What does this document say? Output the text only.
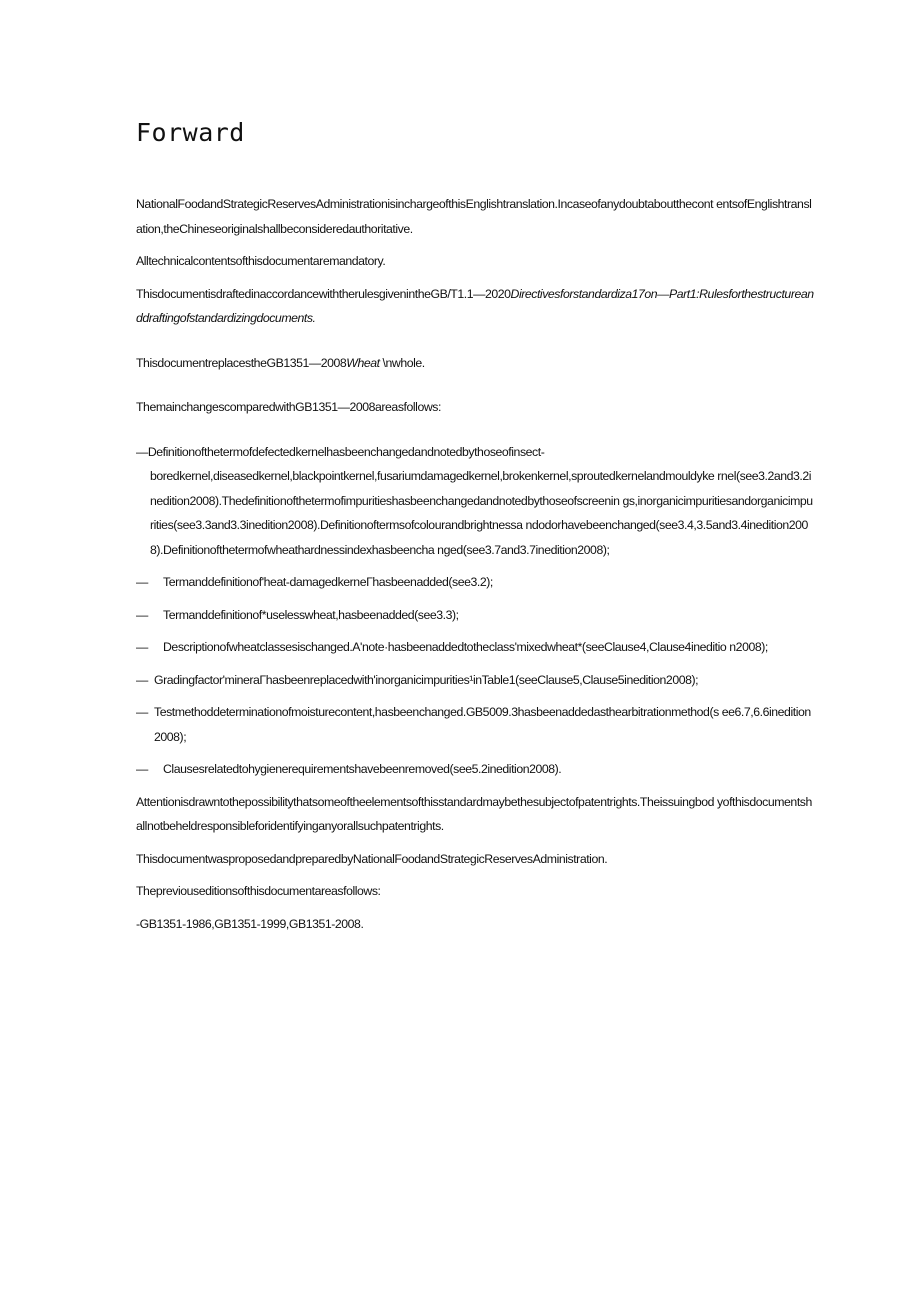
Forward

NationalFoodandStrategicReservesAdministrationisinchargeofthisEnglishtranslation.Incaseofanydoubtaboutthecont entsofEnglishtranslation,theChineseoriginalshallbeconsideredauthoritative.

Alltechnicalcontentsofthisdocumentaremandatory.

ThisdocumentisdraftedinaccordancewiththerulesgivenintheGB/T1.1—2020Directivesforstandardiza17on—Part1:Rulesforthestructureanddraftingofstandardizingdocuments.

ThisdocumentreplacestheGB1351—2008Wheat \nwhole.

ThemainchangescomparedwithGB1351—2008areasfollows:

—Definitionofthetermofdefectedkernelhasbeenchangedandnotedbythoseofinsect-
boredkernel,diseasedkernel,blackpointkernel,fusariumdamagedkernel,brokenkernel,sproutedkernelandmouldyke rnel(see3.2and3.2inedition2008).Thedefinitionofthetermofimpuritieshasbeenchangedandnotedbythoseofscreenin gs,inorganicimpuritiesandorganicimpurities(see3.3and3.3inedition2008).Definitionoftermsofcolourandbrightnessa ndodorhavebeenchanged(see3.4,3.5and3.4inedition2008).Definitionofthetermofwheathardnessindexhasbeencha nged(see3.7and3.7inedition2008);
— Termanddefinitionof'heat-damagedkerneΓhasbeenadded(see3.2);
— Termanddefinitionof*uselesswheat,hasbeenadded(see3.3);
— Descriptionofwheatclassesischanged.A'note·hasbeenaddedtotheclass'mixedwheat*(seeClause4,Clause4ineditio n2008);
— Gradingfactor'mineraΓhasbeenreplacedwith'inorganicimpurities¹inTable1(seeClause5,Clause5inedition2008);
— Testmethoddeterminationofmoisturecontent,hasbeenchanged.GB5009.3hasbeenaddedasthearbitrationmethod(s ee6.7,6.6inedition2008);
— Clausesrelatedtohygienerequirementshavebeenremoved(see5.2inedition2008).

Attentionisdrawntothepossibilitythatsomeoftheelementsofthisstandardmaybethesubjectofpatentrights.Theissuingbod yofthisdocumentshallnotbeheldresponsibleforidentifyinganyorallsuchpatentrights.

ThisdocumentwasproposedandpreparedbyNationalFoodandStrategicReservesAdministration.

Thepreviouseditionsofthisdocumentareasfollows:

-GB1351-1986,GB1351-1999,GB1351-2008.
